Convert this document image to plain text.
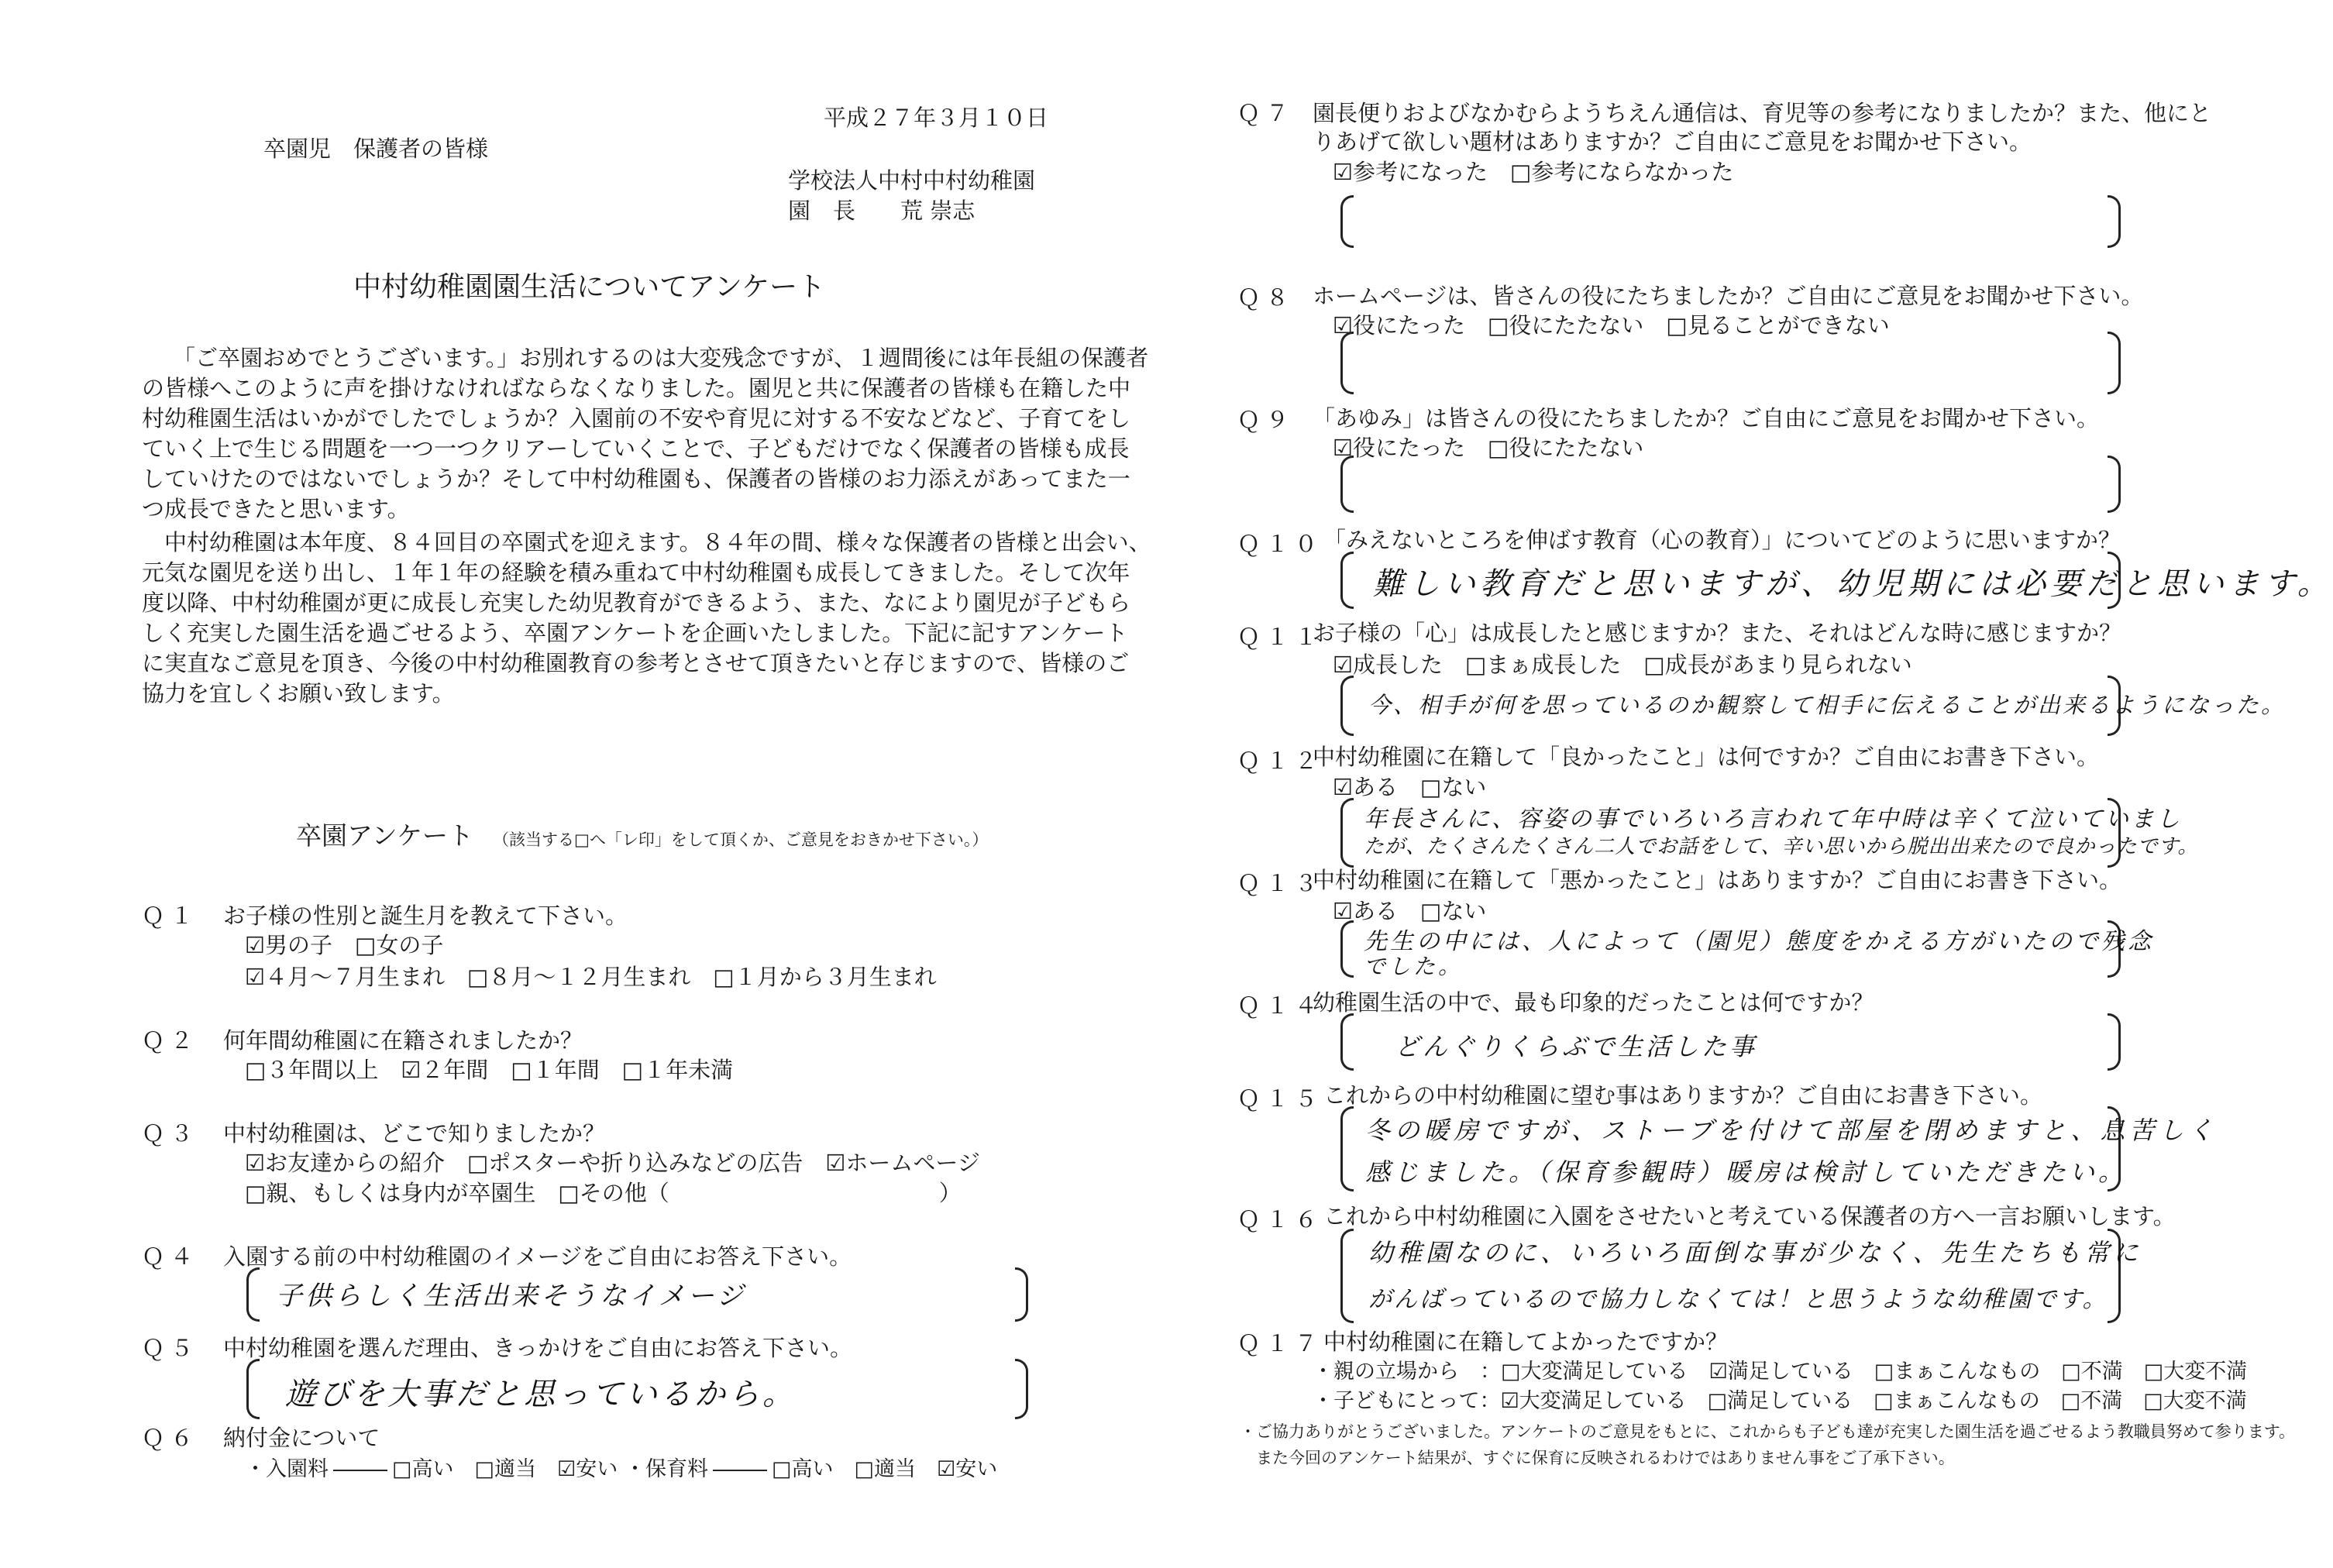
平成２７年３月１０日
卒園児　保護者の皆様
学校法人中村中村幼稚園
園　長　　荒 崇志
中村幼稚園園生活についてアンケート
「ご卒園おめでとうございます。」お別れするのは大変残念ですが、１週間後には年長組の保護者
の皆様へこのように声を掛けなければならなくなりました。園児と共に保護者の皆様も在籍した中
村幼稚園生活はいかがでしたでしょうか？入園前の不安や育児に対する不安などなど、子育てをし
ていく上で生じる問題を一つ一つクリアーしていくことで、子どもだけでなく保護者の皆様も成長
していけたのではないでしょうか？そして中村幼稚園も、保護者の皆様のお力添えがあってまた一
つ成長できたと思います。
　中村幼稚園は本年度、８４回目の卒園式を迎えます。８４年の間、様々な保護者の皆様と出会い、
元気な園児を送り出し、１年１年の経験を積み重ねて中村幼稚園も成長してきました。そして次年
度以降、中村幼稚園が更に成長し充実した幼児教育ができるよう、また、なにより園児が子どもら
しく充実した園生活を過ごせるよう、卒園アンケートを企画いたしました。下記に記すアンケート
に実直なご意見を頂き、今後の中村幼稚園教育の参考とさせて頂きたいと存じますので、皆様のご
協力を宜しくお願い致します。
卒園アンケート （該当する□へ「レ印」をして頂くか、ご意見をおきかせ下さい。）
Ｑ１ お子様の性別と誕生月を教えて下さい。
☑男の子　□女の子
☑４月～７月生まれ　□８月～１２月生まれ　□１月から３月生まれ
Ｑ２ 何年間幼稚園に在籍されましたか？
□３年間以上　☑２年間　□１年間　□１年未満
Ｑ３ 中村幼稚園は、どこで知りましたか？
☑お友達からの紹介　□ポスターや折り込みなどの広告　☑ホームページ
□親、もしくは身内が卒園生　□その他（　　　　　　　　　　　　）
Ｑ４ 入園する前の中村幼稚園のイメージをご自由にお答え下さい。
子供らしく生活出来そうなイメージ
Ｑ５ 中村幼稚園を選んだ理由、きっかけをご自由にお答え下さい。
遊びを大事だと思っているから。
Ｑ６ 納付金について
・入園料	□高い　□適当　☑安い ・保育料	□高い　□適当　☑安い
Ｑ７ 園長便りおよびなかむらようちえん通信は、育児等の参考になりましたか？また、他にと
りあげて欲しい題材はありますか？ご自由にご意見をお聞かせ下さい。
☑参考になった　□参考にならなかった
Ｑ８ ホームページは、皆さんの役にたちましたか？ご自由にご意見をお聞かせ下さい。
☑役にたった　□役にたたない　□見ることができない
Ｑ９ 「あゆみ」は皆さんの役にたちましたか？ご自由にご意見をお聞かせ下さい。
☑役にたった　□役にたたない
Ｑ１０ 「みえないところを伸ばす教育（心の教育）」についてどのように思いますか？
難しい教育だと思いますが、幼児期には必要だと思います。
Ｑ１１
お子様の「心」は成長したと感じますか？また、それはどんな時に感じますか？
☑成長した　□まぁ成長した　□成長があまり見られない
今、相手が何を思っているのか観察して相手に伝えることが出来るようになった。
Ｑ１２
中村幼稚園に在籍して「良かったこと」は何ですか？ご自由にお書き下さい。
☑ある　□ない
年長さんに、容姿の事でいろいろ言われて年中時は辛くて泣いていまし
たが、たくさんたくさん二人でお話をして、辛い思いから脱出出来たので良かったです。
Ｑ１３
中村幼稚園に在籍して「悪かったこと」はありますか？ご自由にお書き下さい。
☑ある　□ない
先生の中には、人によって（園児）態度をかえる方がいたので残念
でした。
Ｑ１４
幼稚園生活の中で、最も印象的だったことは何ですか？
どんぐりくらぶで生活した事
Ｑ１５ これからの中村幼稚園に望む事はありますか？ご自由にお書き下さい。
冬の暖房ですが、ストーブを付けて部屋を閉めますと、息苦しく
感じました。（保育参観時）暖房は検討していただきたい。
Ｑ１６ これから中村幼稚園に入園をさせたいと考えている保護者の方へ一言お願いします。
幼稚園なのに、いろいろ面倒な事が少なく、先生たちも常に
がんばっているので協力しなくては！と思うような幼稚園です。
Ｑ１７ 中村幼稚園に在籍してよかったですか？
・親の立場から　：□大変満足している　☑満足している　□まぁこんなもの　□不満　□大変不満
・子どもにとって：☑大変満足している　□満足している　□まぁこんなもの　□不満　□大変不満
・ご協力ありがとうございました。アンケートのご意見をもとに、これからも子ども達が充実した園生活を過ごせるよう教職員努めて参ります。
　また今回のアンケート結果が、すぐに保育に反映されるわけではありません事をご了承下さい。
